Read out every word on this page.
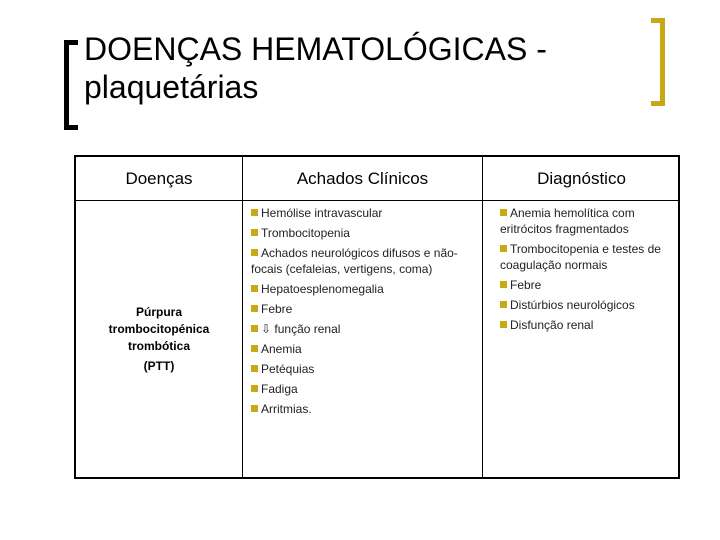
DOENÇAS HEMATOLÓGICAS -
plaquetárias
Doenças	Achados Clínicos	Diagnóstico
Púrpura
trombocitopénica
trombótica
(PTT)
Hemólise intravascular
Trombocitopenia
Achados neurológicos difusos e não-focais (cefaleias, vertigens, coma)
Hepatoesplenomegalia
Febre
⇩ função renal
Anemia
Petéquias
Fadiga
Arritmias.
Anemia hemolítica com eritrócitos fragmentados
Trombocitopenia e testes de coagulação normais
Febre
Distúrbios neurológicos
Disfunção renal
